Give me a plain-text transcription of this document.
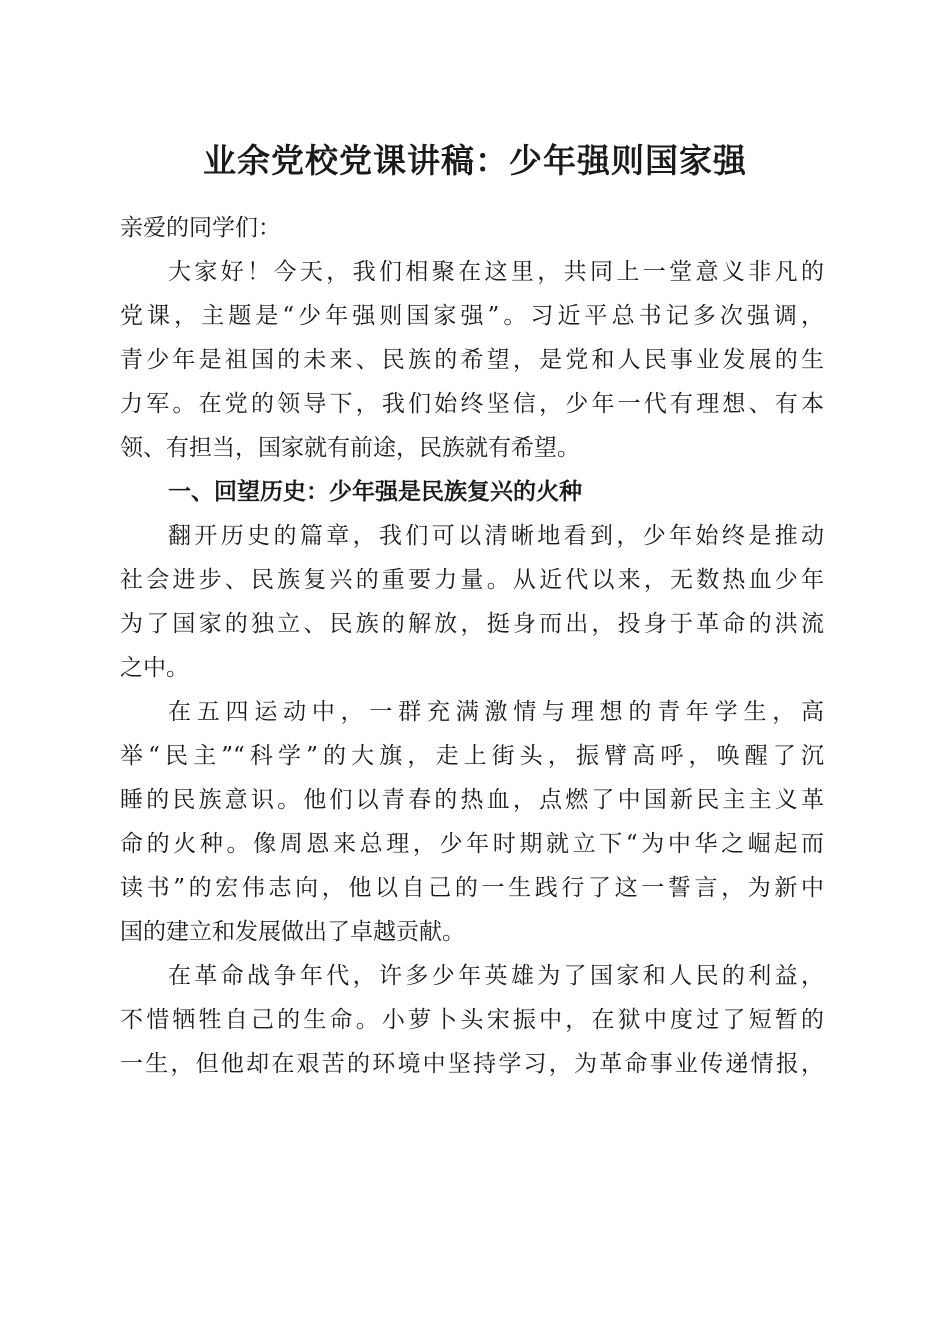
业余党校党课讲稿：少年强则国家强
亲爱的同学们：
大家好！今天，我们相聚在这里，共同上一堂意义非凡的
党课，主题是“少年强则国家强”。习近平总书记多次强调，
青少年是祖国的未来、民族的希望，是党和人民事业发展的生
力军。在党的领导下，我们始终坚信，少年一代有理想、有本
领、有担当，国家就有前途，民族就有希望。
一、回望历史：少年强是民族复兴的火种
翻开历史的篇章，我们可以清晰地看到，少年始终是推动
社会进步、民族复兴的重要力量。从近代以来，无数热血少年
为了国家的独立、民族的解放，挺身而出，投身于革命的洪流
之中。
在五四运动中，一群充满激情与理想的青年学生，高
举“民主”“科学”的大旗，走上街头，振臂高呼，唤醒了沉
睡的民族意识。他们以青春的热血，点燃了中国新民主主义革
命的火种。像周恩来总理，少年时期就立下“为中华之崛起而
读书”的宏伟志向，他以自己的一生践行了这一誓言，为新中
国的建立和发展做出了卓越贡献。
在革命战争年代，许多少年英雄为了国家和人民的利益，
不惜牺牲自己的生命。小萝卜头宋振中，在狱中度过了短暂的
一生，但他却在艰苦的环境中坚持学习，为革命事业传递情报，
